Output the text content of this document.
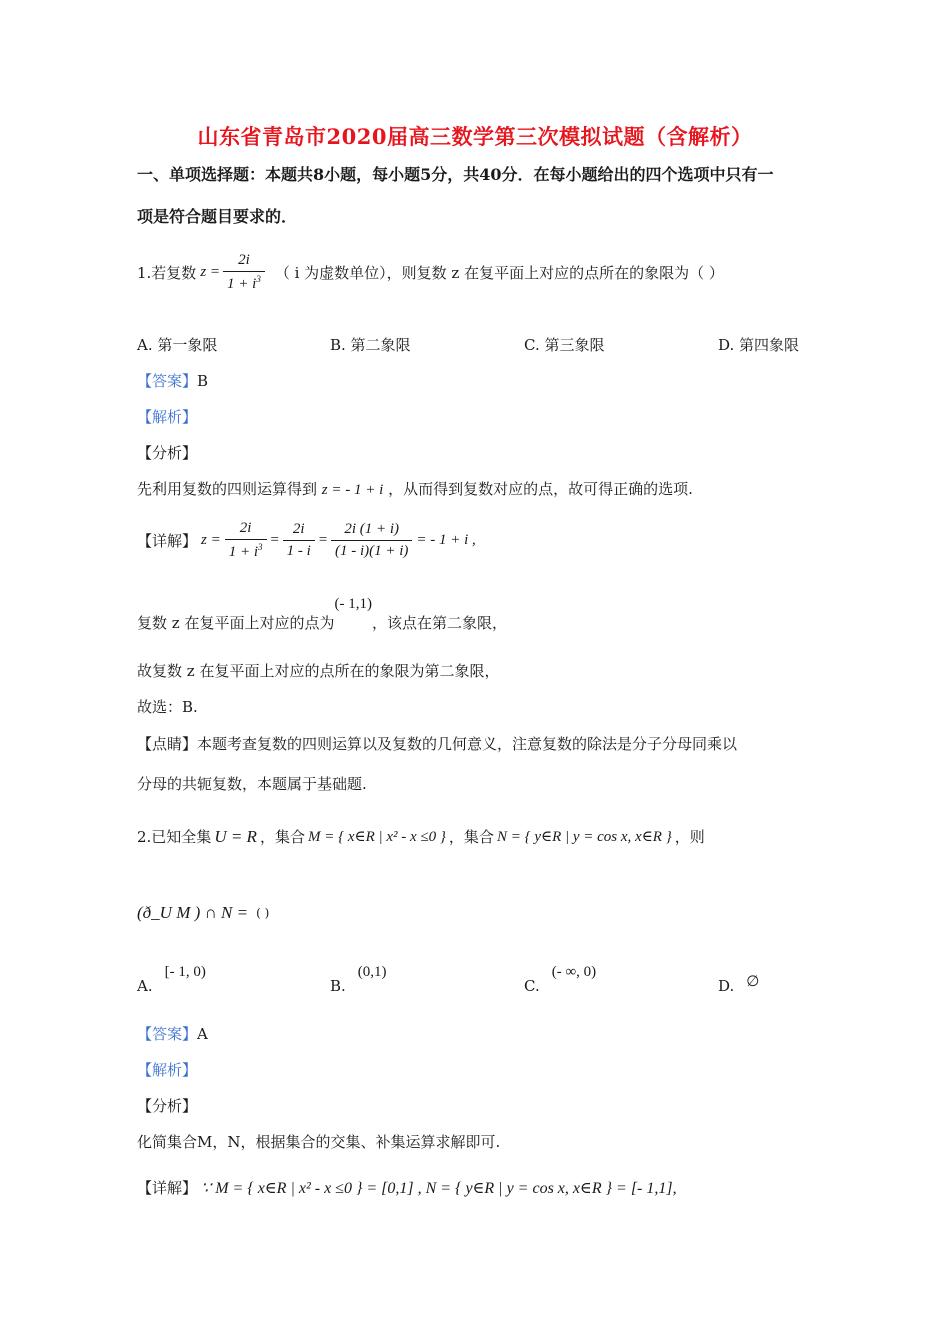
山东省青岛市2020届高三数学第三次模拟试题（含解析）
一、单项选择题：本题共8小题，每小题5分，共40分．在每小题给出的四个选项中只有一
项是符合题目要求的．
1.若复数 $z = \frac{2i}{1 + i^3}$ （ i 为虚数单位），则复数 z 在复平面上对应的点所在的象限为（ ）
A. 第一象限	B. 第二象限	C. 第三象限	D. 第四象限
【答案】B
【解析】
【分析】
先利用复数的四则运算得到 z = - 1 + i ，从而得到复数对应的点，故可得正确的选项.
【详解】 $z = \frac{2i}{1 + i^3} = \frac{2i}{1 - i} = \frac{2i (1 + i)}{(1 - i)(1 + i)}$ = - 1 + i ,
复数 z 在复平面上对应的点为
(- 1,1)
，该点在第二象限，
故复数 z 在复平面上对应的点所在的象限为第二象限，
故选：B.
【点睛】本题考查复数的四则运算以及复数的几何意义，注意复数的除法是分子分母同乘以
分母的共轭复数，本题属于基础题.
2.已知全集 U = R ，集合 M = { x∈R | x² - x ≤0 } ，集合 N = { y∈R | y = cos x, x∈R } ，则
(ð_U M ) ∩ N = ( )
A.
[- 1, 0)
B.
(0,1)
C.
(- ∞, 0)
D. ∅
【答案】A
【解析】
【分析】
化简集合M，N，根据集合的交集、补集运算求解即可.
【详解】 ∵ M = { x∈R | x² - x ≤0 } = [0,1] , N = { y∈R | y = cos x, x∈R } = [- 1,1],
